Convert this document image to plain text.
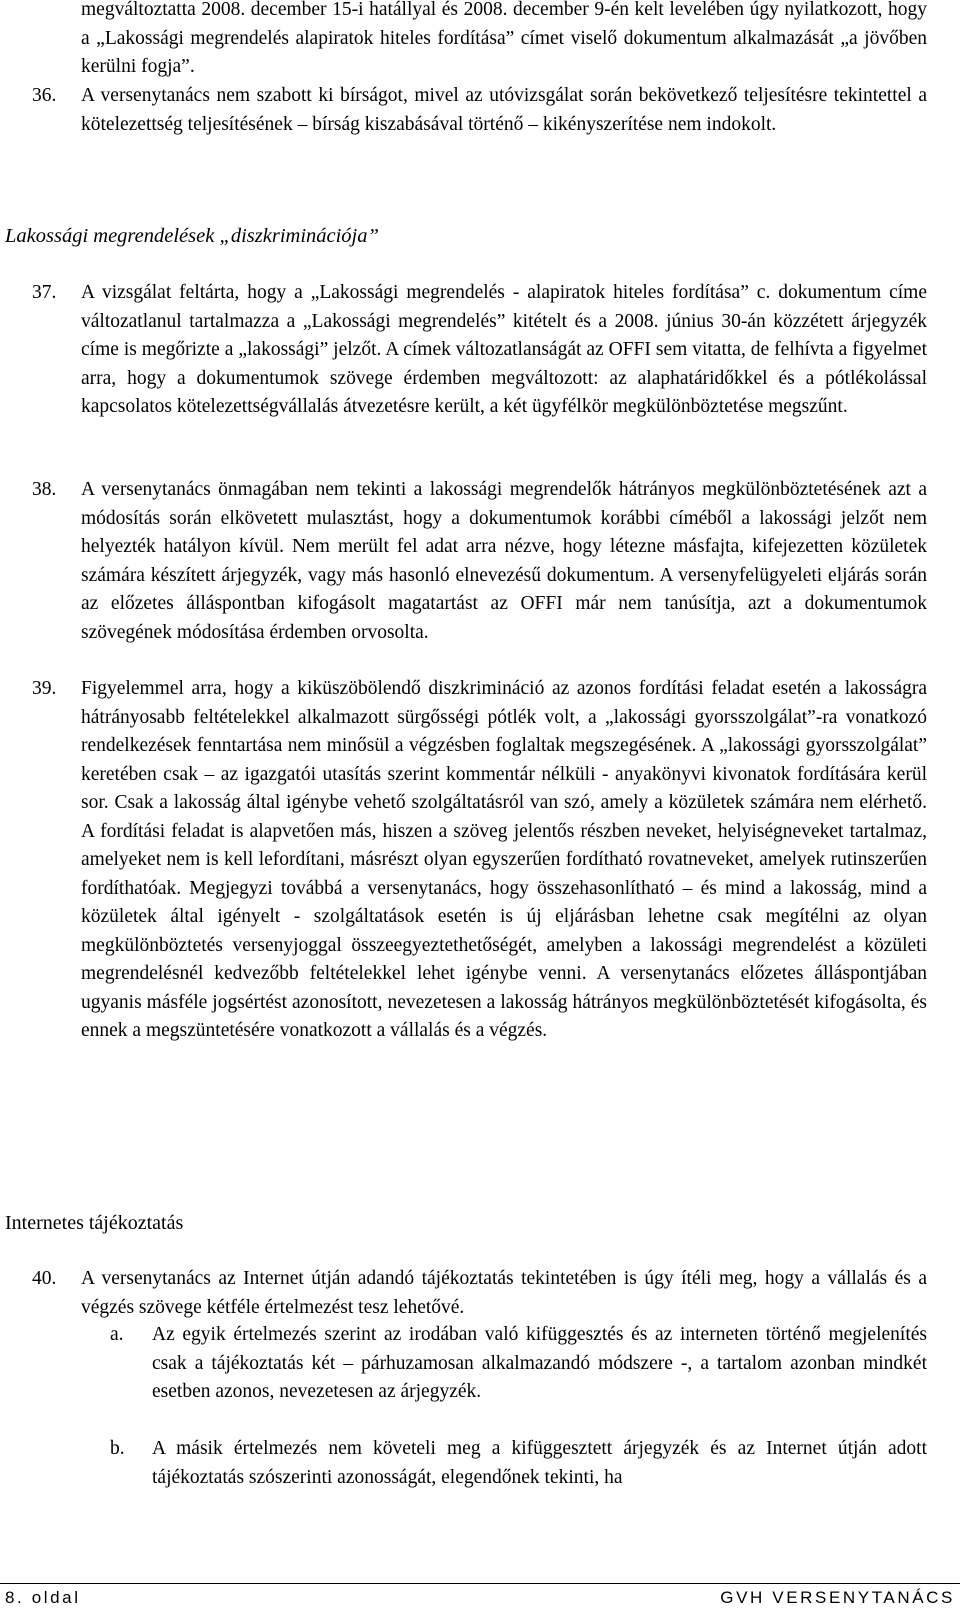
megváltoztatta 2008. december 15-i hatállyal és 2008. december 9-én kelt levelében úgy nyilatkozott, hogy a „Lakossági megrendelés alapiratok hiteles fordítása” címet viselő dokumentum alkalmazását „a jövőben kerülni fogja”.
36. A versenytanács nem szabott ki bírságot, mivel az utóvizsgálat során bekövetkező teljesítésre tekintettel a kötelezettség teljesítésének – bírság kiszabásával történő – kikényszerítése nem indokolt.
Lakossági megrendelések „diszkriminációja”
37. A vizsgálat feltárta, hogy a „Lakossági megrendelés - alapiratok hiteles fordítása” c. dokumentum címe változatlanul tartalmazza a „Lakossági megrendelés” kitételt és a 2008. június 30-án közzétett árjegyzék címe is megőrizte a „lakossági” jelzőt. A címek változatlanságát az OFFI sem vitatta, de felhívta a figyelmet arra, hogy a dokumentumok szövege érdemben megváltozott: az alaphatáridőkkel és a pótlékolással kapcsolatos kötelezettségvállalás átvezetésre került, a két ügyfélkör megkülönböztetése megszűnt.
38. A versenytanács önmagában nem tekinti a lakossági megrendelők hátrányos megkülönböztetésének azt a módosítás során elkövetett mulasztást, hogy a dokumentumok korábbi címéből a lakossági jelzőt nem helyezték hatályon kívül. Nem merült fel adat arra nézve, hogy létezne másfajta, kifejezetten közületek számára készített árjegyzék, vagy más hasonló elnevezésű dokumentum. A versenyfelügyeleti eljárás során az előzetes álláspontban kifogásolt magatartást az OFFI már nem tanúsítja, azt a dokumentumok szövegének módosítása érdemben orvosolta.
39. Figyelemmel arra, hogy a kiküszöbölendő diszkrimináció az azonos fordítási feladat esetén a lakosságra hátrányosabb feltételekkel alkalmazott sürgősségi pótlék volt, a „lakossági gyorsszolgálat”-ra vonatkozó rendelkezések fenntartása nem minősül a végzésben foglaltak megszegésének. A „lakossági gyorsszolgálat” keretében csak – az igazgatói utasítás szerint kommentár nélküli - anyakönyvi kivonatok fordítására kerül sor. Csak a lakosság által igénybe vehető szolgáltatásról van szó, amely a közületek számára nem elérhető. A fordítási feladat is alapvetően más, hiszen a szöveg jelentős részben neveket, helyiségneveket tartalmaz, amelyeket nem is kell lefordítani, másrészt olyan egyszerűen fordítható rovatneveket, amelyek rutinszerűen fordíthatóak. Megjegyzi továbbá a versenytanács, hogy összehasonlítható – és mind a lakosság, mind a közületek által igényelt - szolgáltatások esetén is új eljárásban lehetne csak megítélni az olyan megkülönböztetés versenyjoggal összeegyeztethetőségét, amelyben a lakossági megrendelést a közületi megrendelésnél kedvezőbb feltételekkel lehet igénybe venni. A versenytanács előzetes álláspontjában ugyanis másféle jogsértést azonosított, nevezetesen a lakosság hátrányos megkülönböztetését kifogásolta, és ennek a megszüntetésére vonatkozott a vállalás és a végzés.
Internetes tájékoztatás
40. A versenytanács az Internet útján adandó tájékoztatás tekintetében is úgy ítéli meg, hogy a vállalás és a végzés szövege kétféle értelmezést tesz lehetővé.
a. Az egyik értelmezés szerint az irodában való kifüggesztés és az interneten történő megjelenítés csak a tájékoztatás két – párhuzamosan alkalmazandó módszere -, a tartalom azonban mindkét esetben azonos, nevezetesen az árjegyzék.
b. A másik értelmezés nem követeli meg a kifüggesztett árjegyzék és az Internet útján adott tájékoztatás szószerinti azonosságát, elegendőnek tekinti, ha
8. oldal	GVH VERSENYTANÁCS
